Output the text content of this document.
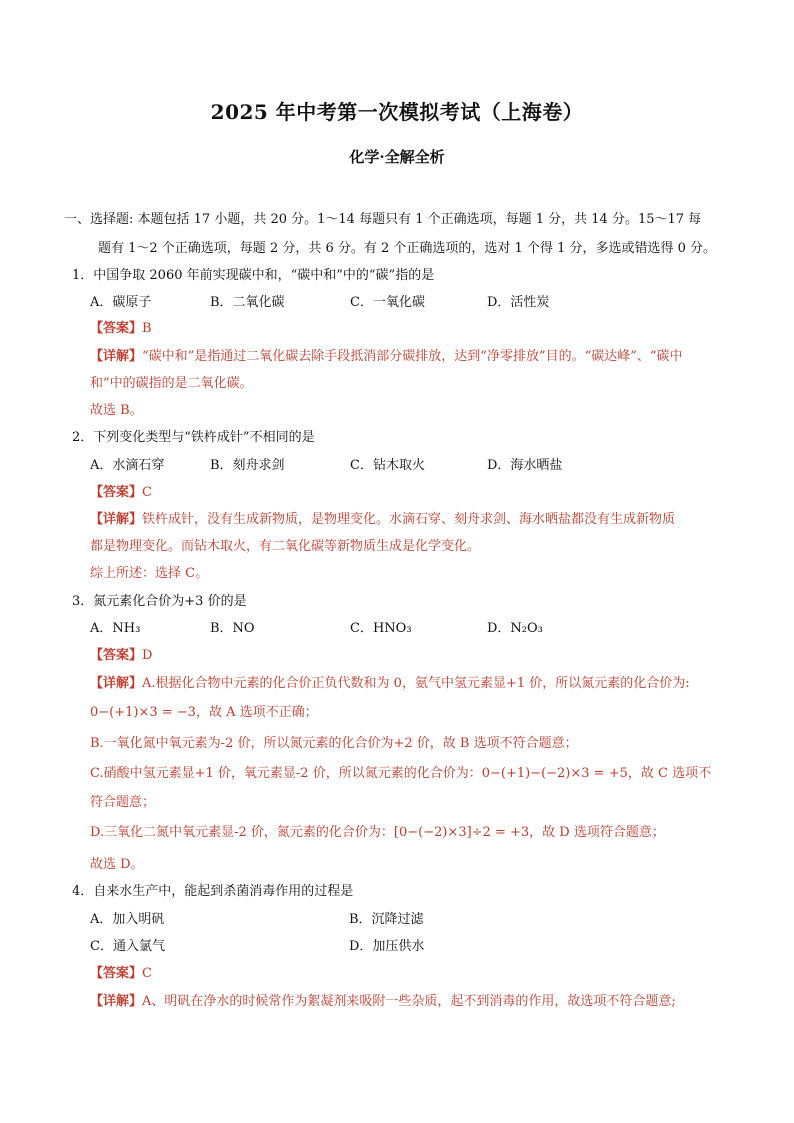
2025 年中考第一次模拟考试（上海卷）
化学·全解全析
一、选择题: 本题包括 17 小题，共 20 分。1～14 每题只有 1 个正确选项，每题 1 分，共 14 分。15～17 每
题有 1～2 个正确选项，每题 2 分，共 6 分。有 2 个正确选项的，选对 1 个得 1 分，多选或错选得 0 分。
1．中国争取 2060 年前实现碳中和，“碳中和”中的“碳”指的是
A．碳原子	B．二氧化碳	C．一氧化碳	D．活性炭
【答案】B
【详解】“碳中和”是指通过二氧化碳去除手段抵消部分碳排放，达到“净零排放”目的。“碳达峰”、“碳中
和”中的碳指的是二氧化碳。
故选 B。
2．下列变化类型与“铁杵成针”不相同的是
A．水滴石穿	B．刻舟求剑	C．钻木取火	D．海水晒盐
【答案】C
【详解】铁杵成针，没有生成新物质，是物理变化。水滴石穿、刻舟求剑、海水晒盐都没有生成新物质
都是物理变化。而钻木取火，有二氧化碳等新物质生成是化学变化。
综上所述：选择 C。
3．氮元素化合价为+3 价的是
A．NH₃	B．NO	C．HNO₃	D．N₂O₃
【答案】D
【详解】A.根据化合物中元素的化合价正负代数和为 0，氨气中氢元素显+1 价，所以氮元素的化合价为:
0−(+1)×3 = −3，故 A 选项不正确；
B.一氧化氮中氧元素为-2 价，所以氮元素的化合价为+2 价，故 B 选项不符合题意；
C.硝酸中氢元素显+1 价，氧元素显-2 价，所以氮元素的化合价为：0−(+1)−(−2)×3 = +5，故 C 选项不
符合题意；
D.三氧化二氮中氧元素显-2 价，氮元素的化合价为：[0−(−2)×3]÷2 = +3，故 D 选项符合题意；
故选 D。
4．自来水生产中，能起到杀菌消毒作用的过程是
A．加入明矾	B．沉降过滤
C．通入氯气	D．加压供水
【答案】C
【详解】A、明矾在净水的时候常作为絮凝剂来吸附一些杂质，起不到消毒的作用，故选项不符合题意;
